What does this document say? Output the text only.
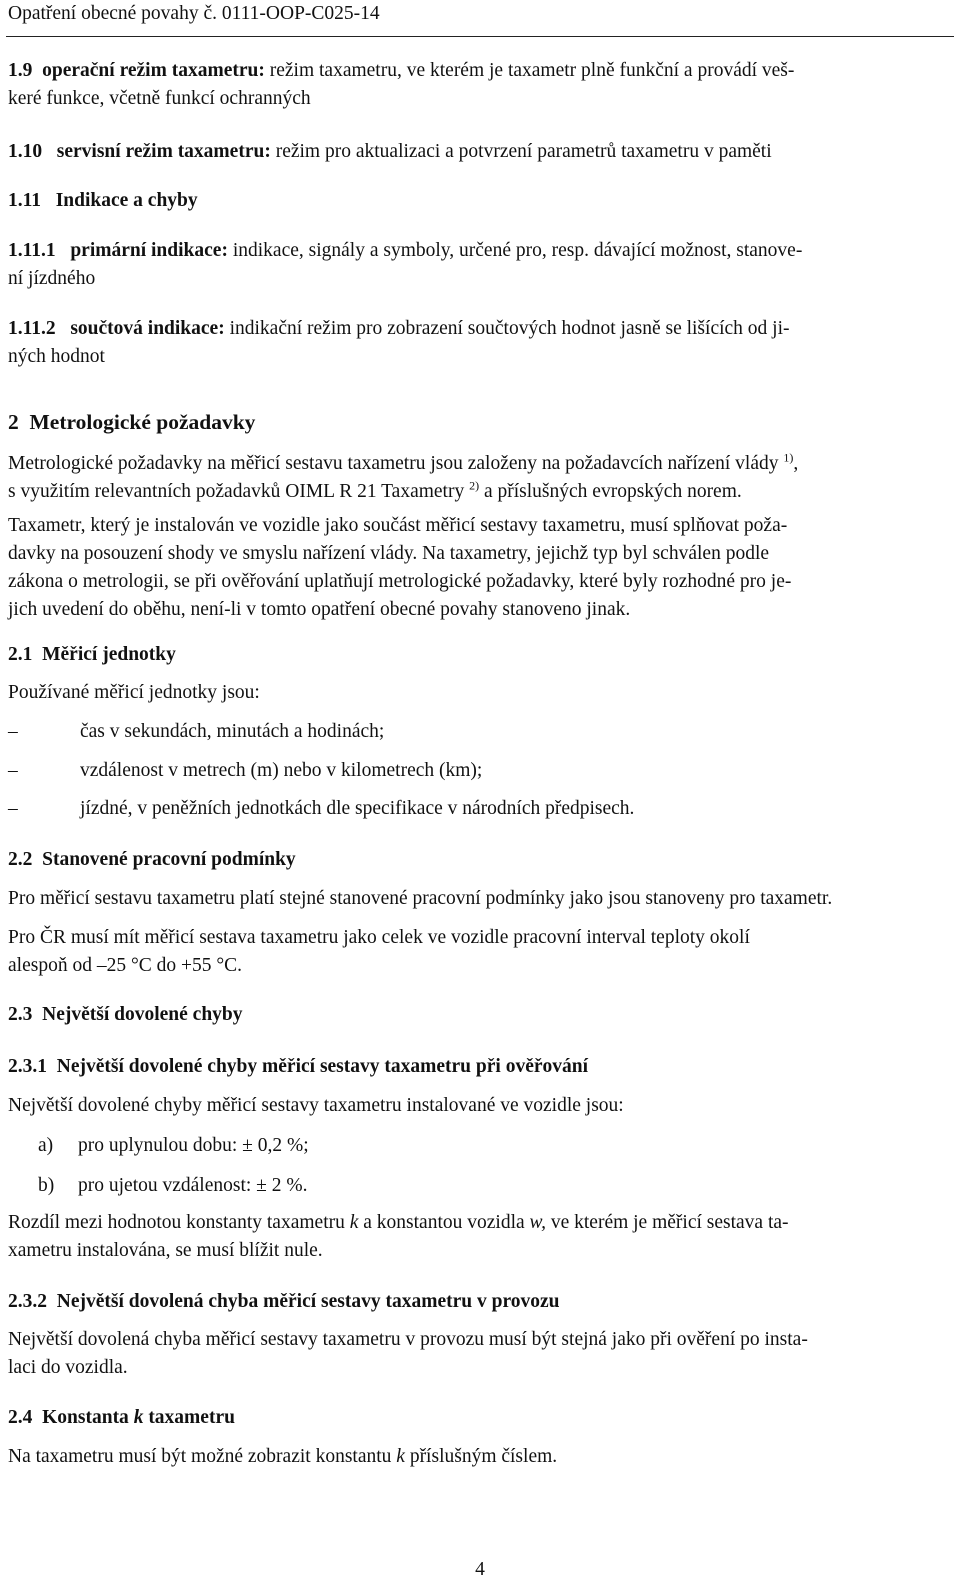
Opatření obecné povahy č. 0111-OOP-C025-14
1.9 operační režim taxametru: režim taxametru, ve kterém je taxametr plně funkční a provádí veš-
keré funkce, včetně funkcí ochranných
1.10 servisní režim taxametru: režim pro aktualizaci a potvrzení parametrů taxametru v paměti
1.11 Indikace a chyby
1.11.1 primární indikace: indikace, signály a symboly, určené pro, resp. dávající možnost, stanove-
ní jízdného
1.11.2 součtová indikace: indikační režim pro zobrazení součtových hodnot jasně se lišících od ji-
ných hodnot
2 Metrologické požadavky
Metrologické požadavky na měřicí sestavu taxametru jsou založeny na požadavcích nařízení vlády $^{1)}$,
s využitím relevantních požadavků OIML R 21 Taxametry $^{2)}$ a příslušných evropských norem.
Taxametr, který je instalován ve vozidle jako součást měřicí sestavy taxametru, musí splňovat poža-
davky na posouzení shody ve smyslu nařízení vlády. Na taxametry, jejichž typ byl schválen podle
zákona o metrologii, se při ověřování uplatňují metrologické požadavky, které byly rozhodné pro je-
jich uvedení do oběhu, není-li v tomto opatření obecné povahy stanoveno jinak.
2.1 Měřicí jednotky
Používané měřicí jednotky jsou:
–	čas v sekundách, minutách a hodinách;
–	vzdálenost v metrech (m) nebo v kilometrech (km);
–	jízdné, v peněžních jednotkách dle specifikace v národních předpisech.
2.2 Stanovené pracovní podmínky
Pro měřicí sestavu taxametru platí stejné stanovené pracovní podmínky jako jsou stanoveny pro taxametr.
Pro ČR musí mít měřicí sestava taxametru jako celek ve vozidle pracovní interval teploty okolí
alespoň od –25 °C do +55 °C.
2.3 Největší dovolené chyby
2.3.1 Největší dovolené chyby měřicí sestavy taxametru při ověřování
Největší dovolené chyby měřicí sestavy taxametru instalované ve vozidle jsou:
a) pro uplynulou dobu: ± 0,2 %;
b) pro ujetou vzdálenost: ± 2 %.
Rozdíl mezi hodnotou konstanty taxametru k a konstantou vozidla w, ve kterém je měřicí sestava ta-
xametru instalována, se musí blížit nule.
2.3.2 Největší dovolená chyba měřicí sestavy taxametru v provozu
Největší dovolená chyba měřicí sestavy taxametru v provozu musí být stejná jako při ověření po insta-
laci do vozidla.
2.4 Konstanta k taxametru
Na taxametru musí být možné zobrazit konstantu k příslušným číslem.
4
